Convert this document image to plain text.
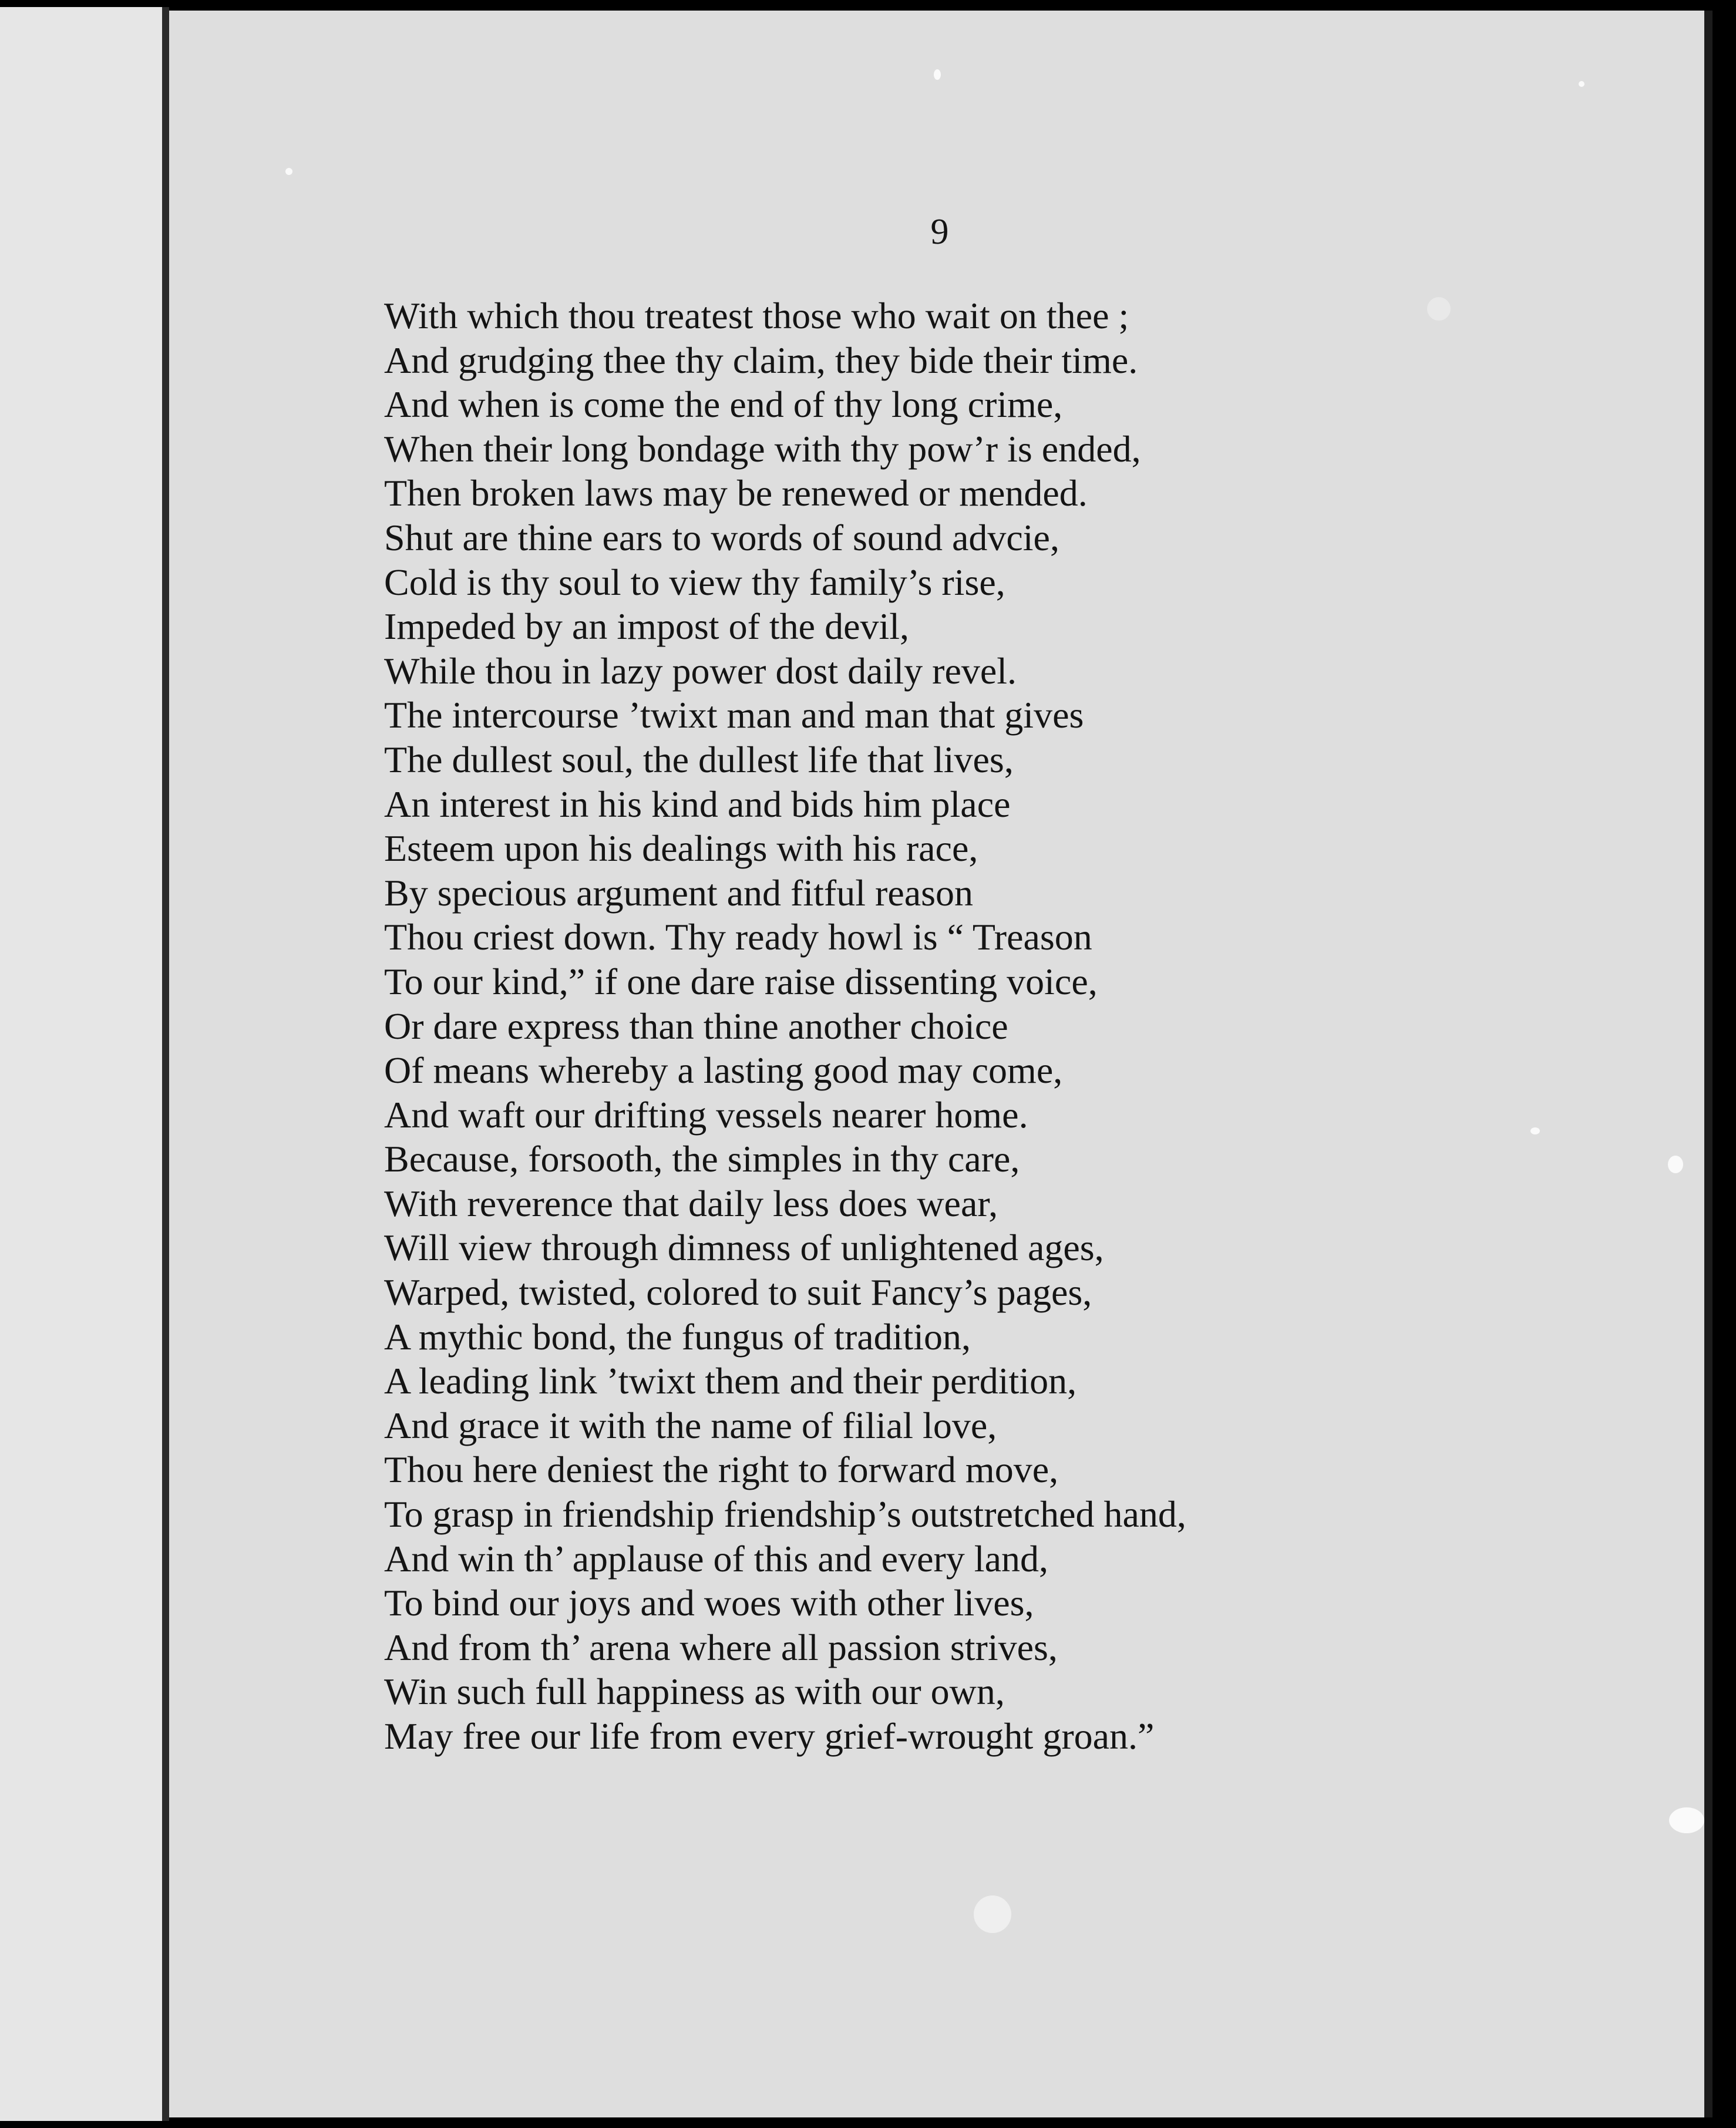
9
With which thou treatest those who wait on thee ;
And grudging thee thy claim, they bide their time.
And when is come the end of thy long crime,
When their long bondage with thy pow’r is ended,
Then broken laws may be renewed or mended.
Shut are thine ears to words of sound advcie,
Cold is thy soul to view thy family’s rise,
Impeded by an impost of the devil,
While thou in lazy power dost daily revel.
The intercourse ’twixt man and man that gives
The dullest soul, the dullest life that lives,
An interest in his kind and bids him place
Esteem upon his dealings with his race,
By specious argument and fitful reason
Thou criest down. Thy ready howl is “ Treason
To our kind,” if one dare raise dissenting voice,
Or dare express than thine another choice
Of means whereby a lasting good may come,
And waft our drifting vessels nearer home.
Because, forsooth, the simples in thy care,
With reverence that daily less does wear,
Will view through dimness of unlightened ages,
Warped, twisted, colored to suit Fancy’s pages,
A mythic bond, the fungus of tradition,
A leading link ’twixt them and their perdition,
And grace it with the name of filial love,
Thou here deniest the right to forward move,
To grasp in friendship friendship’s outstretched hand,
And win th’ applause of this and every land,
To bind our joys and woes with other lives,
And from th’ arena where all passion strives,
Win such full happiness as with our own,
May free our life from every grief-wrought groan.”
